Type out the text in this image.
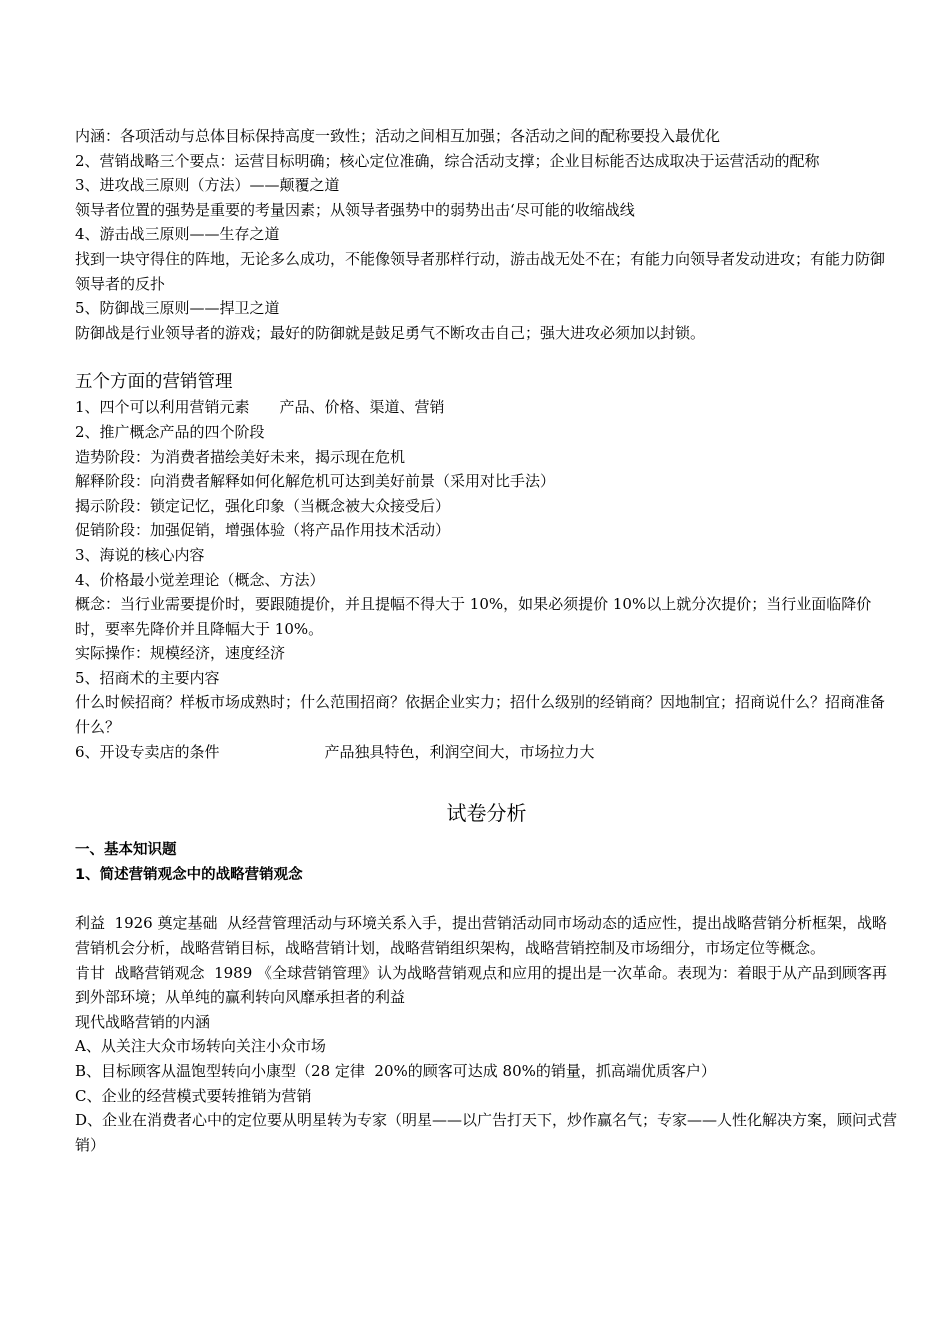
内涵：各项活动与总体目标保持高度一致性；活动之间相互加强；各活动之间的配称要投入最优化

2、营销战略三个要点：运营目标明确；核心定位准确，综合活动支撑；企业目标能否达成取决于运营活动的配称

3、进攻战三原则（方法）——颠覆之道

领导者位置的强势是重要的考量因素；从领导者强势中的弱势出击‘尽可能的收缩战线

4、游击战三原则——生存之道

找到一块守得住的阵地，无论多么成功，不能像领导者那样行动，游击战无处不在；有能力向领导者发动进攻；有能力防御领导者的反扑

5、防御战三原则——捍卫之道

防御战是行业领导者的游戏；最好的防御就是鼓足勇气不断攻击自己；强大进攻必须加以封锁。

五个方面的营销管理

1、四个可以利用营销元素　　产品、价格、渠道、营销

2、推广概念产品的四个阶段

造势阶段：为消费者描绘美好未来，揭示现在危机

解释阶段：向消费者解释如何化解危机可达到美好前景（采用对比手法）

揭示阶段：锁定记忆，强化印象（当概念被大众接受后）

促销阶段：加强促销，增强体验（将产品作用技术活动）

3、海说的核心内容

4、价格最小觉差理论（概念、方法）

概念：当行业需要提价时，要跟随提价，并且提幅不得大于 10%，如果必须提价 10%以上就分次提价；当行业面临降价时，要率先降价并且降幅大于 10%。

实际操作：规模经济，速度经济

5、招商术的主要内容

什么时候招商？样板市场成熟时；什么范围招商？依据企业实力；招什么级别的经销商？因地制宜；招商说什么？招商准备什么？

6、开设专卖店的条件　　　　　　　产品独具特色，利润空间大，市场拉力大

试卷分析

一、基本知识题

1、简述营销观念中的战略营销观念

利益  1926 奠定基础  从经营管理活动与环境关系入手，提出营销活动同市场动态的适应性，提出战略营销分析框架，战略营销机会分析，战略营销目标，战略营销计划，战略营销组织架构，战略营销控制及市场细分，市场定位等概念。

肯甘  战略营销观念  1989 《全球营销管理》认为战略营销观点和应用的提出是一次革命。表现为：着眼于从产品到顾客再到外部环境；从单纯的赢利转向风靡承担者的利益

现代战略营销的内涵

A、从关注大众市场转向关注小众市场

B、目标顾客从温饱型转向小康型（28 定律  20%的顾客可达成 80%的销量，抓高端优质客户）

C、企业的经营模式要转推销为营销

D、企业在消费者心中的定位要从明星转为专家（明星——以广告打天下，炒作赢名气；专家——人性化解决方案，顾问式营销）
